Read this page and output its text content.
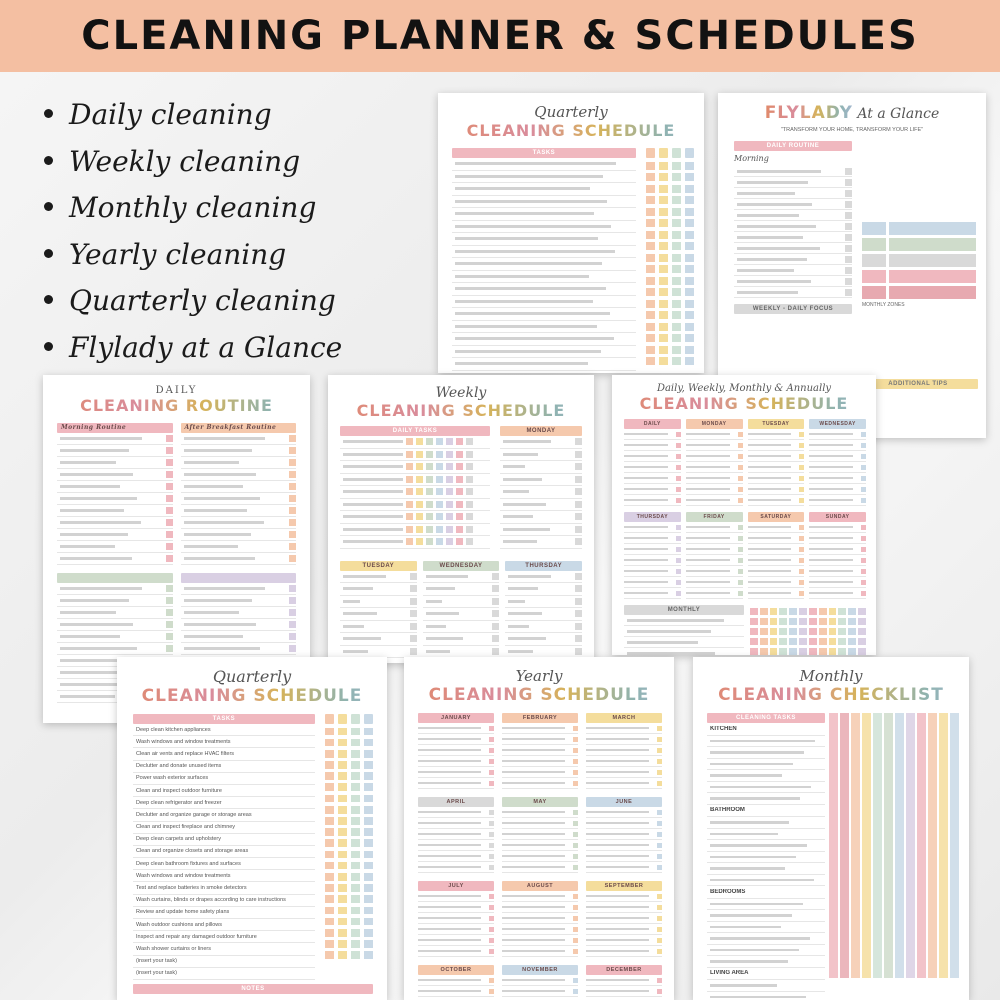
CLEANING PLANNER & SCHEDULES
Daily cleaning
Weekly cleaning
Monthly cleaning
Yearly cleaning
Quarterly cleaning
Flylady at a Glance
Quarterly
CLEANING SCHEDULE
TASKS
FLYLADY At a Glance
"TRANSFORM YOUR HOME, TRANSFORM YOUR LIFE"
DAILY ROUTINE
Morning
WEEKLY - DAILY FOCUS
MONTHLY ZONES
ADDITIONAL TIPS
DAILY
CLEANING ROUTINE
Morning Routine	After Breakfast Routine
Weekly
CLEANING SCHEDULE
DAILY TASKS	MONDAY
TUESDAY	WEDNESDAY	THURSDAY
Daily, Weekly, Monthly & Annually
CLEANING SCHEDULE
DAILY	MONDAY	TUESDAY	WEDNESDAY
THURSDAY	FRIDAY	SATURDAY	SUNDAY
MONTHLY
Quarterly
CLEANING SCHEDULE
TASKS
Deep clean kitchen appliances
Wash windows and window treatments
Clean air vents and replace HVAC filters
Declutter and donate unused items
Power wash exterior surfaces
Clean and inspect outdoor furniture
Deep clean refrigerator and freezer
Declutter and organize garage or storage areas
Clean and inspect fireplace and chimney
Deep clean carpets and upholstery
Clean and organize closets and storage areas
Deep clean bathroom fixtures and surfaces
Wash windows and window treatments
Test and replace batteries in smoke detectors
Wash curtains, blinds or drapes according to care instructions
Review and update home safety plans
Wash outdoor cushions and pillows
Inspect and repair any damaged outdoor furniture
Wash shower curtains or liners
(insert your task)
(insert your task)
NOTES
Yearly
CLEANING SCHEDULE
JANUARY	FEBRUARY	MARCH
APRIL	MAY	JUNE
JULY	AUGUST	SEPTEMBER
OCTOBER	NOVEMBER	DECEMBER
Monthly
CLEANING CHECKLIST
CLEANING TASKS
KITCHEN
BATHROOM
BEDROOMS
LIVING AREA
